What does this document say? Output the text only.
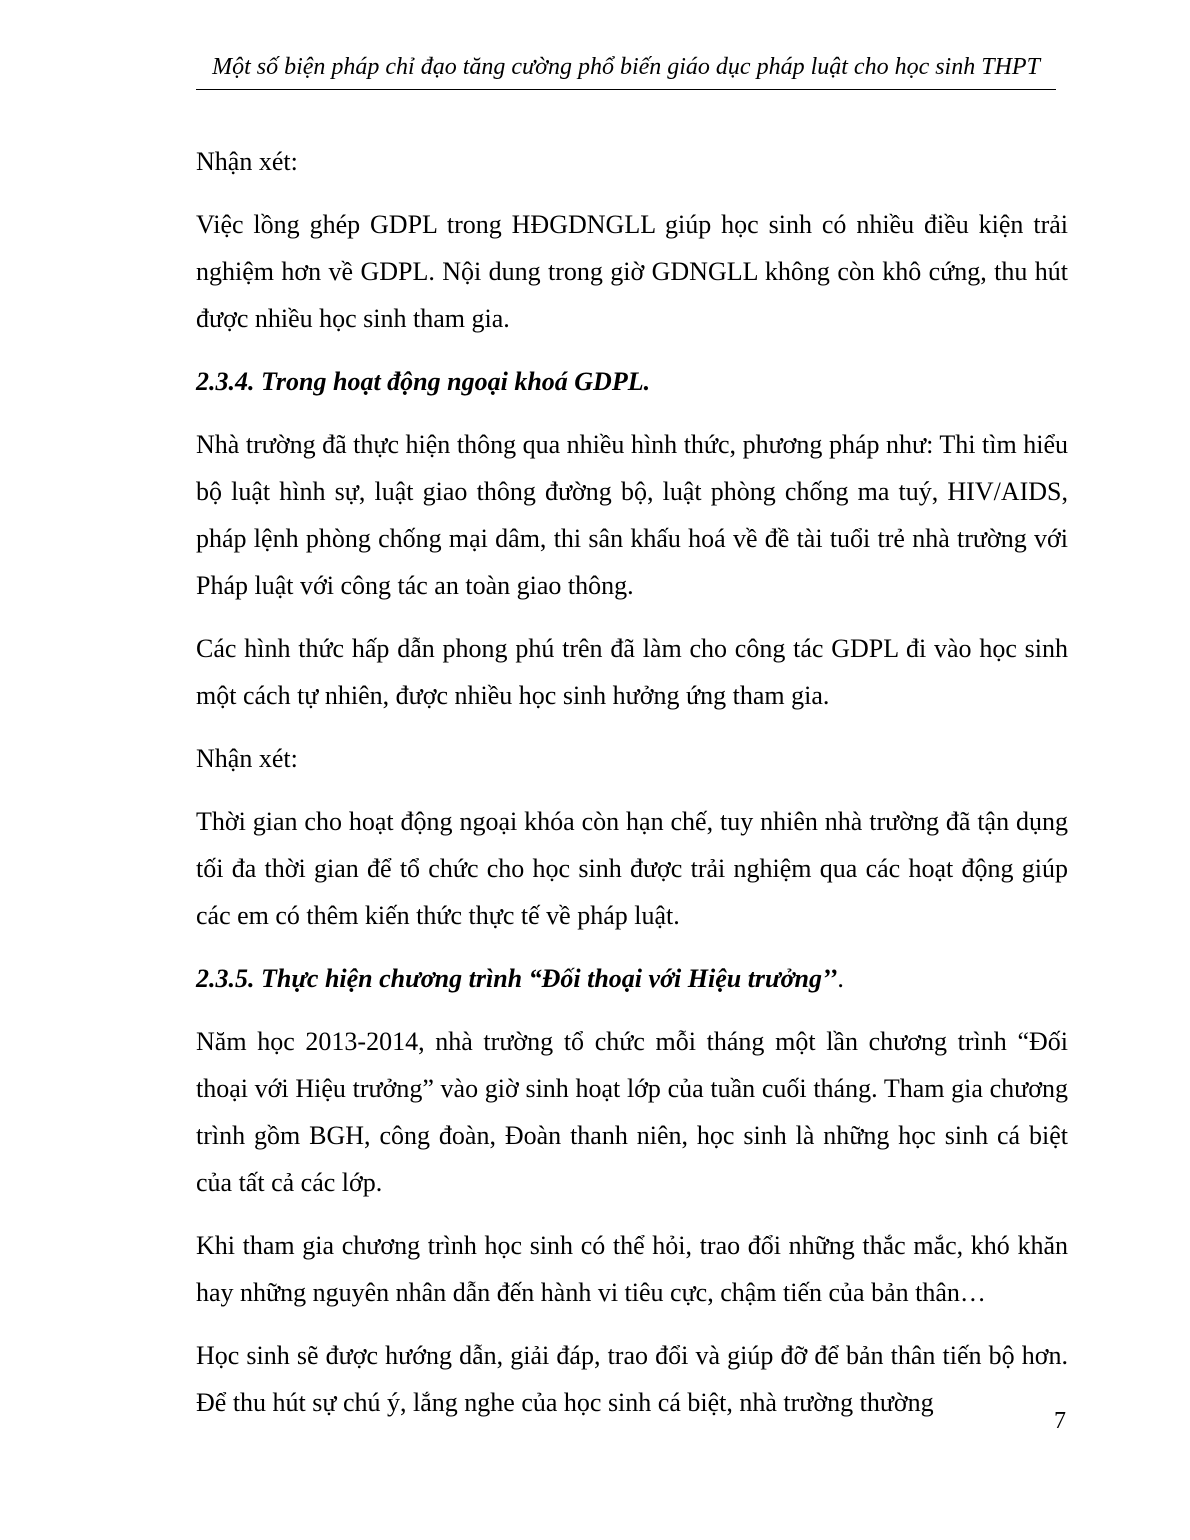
Một số biện pháp chỉ đạo tăng cường phổ biến giáo dục pháp luật cho học sinh THPT

Nhận xét:

Việc lồng ghép GDPL trong HĐGDNGLL giúp học sinh có nhiều điều kiện trải nghiệm hơn về GDPL. Nội dung trong giờ GDNGLL không còn khô cứng, thu hút được nhiều học sinh tham gia.

2.3.4. Trong hoạt động ngoại khoá GDPL.

Nhà trường đã thực hiện thông qua nhiều hình thức, phương pháp như: Thi tìm hiểu bộ luật hình sự, luật giao thông đường bộ, luật phòng chống ma tuý, HIV/AIDS, pháp lệnh phòng chống mại dâm, thi sân khấu hoá về đề tài tuổi trẻ nhà trường với Pháp luật với công tác an toàn giao thông.

Các hình thức hấp dẫn phong phú trên đã làm cho công tác GDPL đi vào học sinh một cách tự nhiên, được nhiều học sinh hưởng ứng tham gia.

Nhận xét:

Thời gian cho hoạt động ngoại khóa còn hạn chế, tuy nhiên nhà trường đã tận dụng tối đa thời gian để tổ chức cho học sinh được trải nghiệm qua các hoạt động giúp các em có thêm kiến thức thực tế về pháp luật.

2.3.5. Thực hiện chương trình “Đối thoại với Hiệu trưởng’’.

Năm học 2013-2014, nhà trường tổ chức mỗi tháng một lần chương trình “Đối thoại với Hiệu trưởng” vào giờ sinh hoạt lớp của tuần cuối tháng. Tham gia chương trình gồm BGH, công đoàn, Đoàn thanh niên, học sinh là những học sinh cá biệt của tất cả các lớp.

Khi tham gia chương trình học sinh có thể hỏi, trao đổi những thắc mắc, khó khăn hay những nguyên nhân dẫn đến hành vi tiêu cực, chậm tiến của bản thân…

Học sinh sẽ được hướng dẫn, giải đáp, trao đổi và giúp đỡ để bản thân tiến bộ hơn. Để thu hút sự chú ý, lắng nghe của học sinh cá biệt, nhà trường thường

7
